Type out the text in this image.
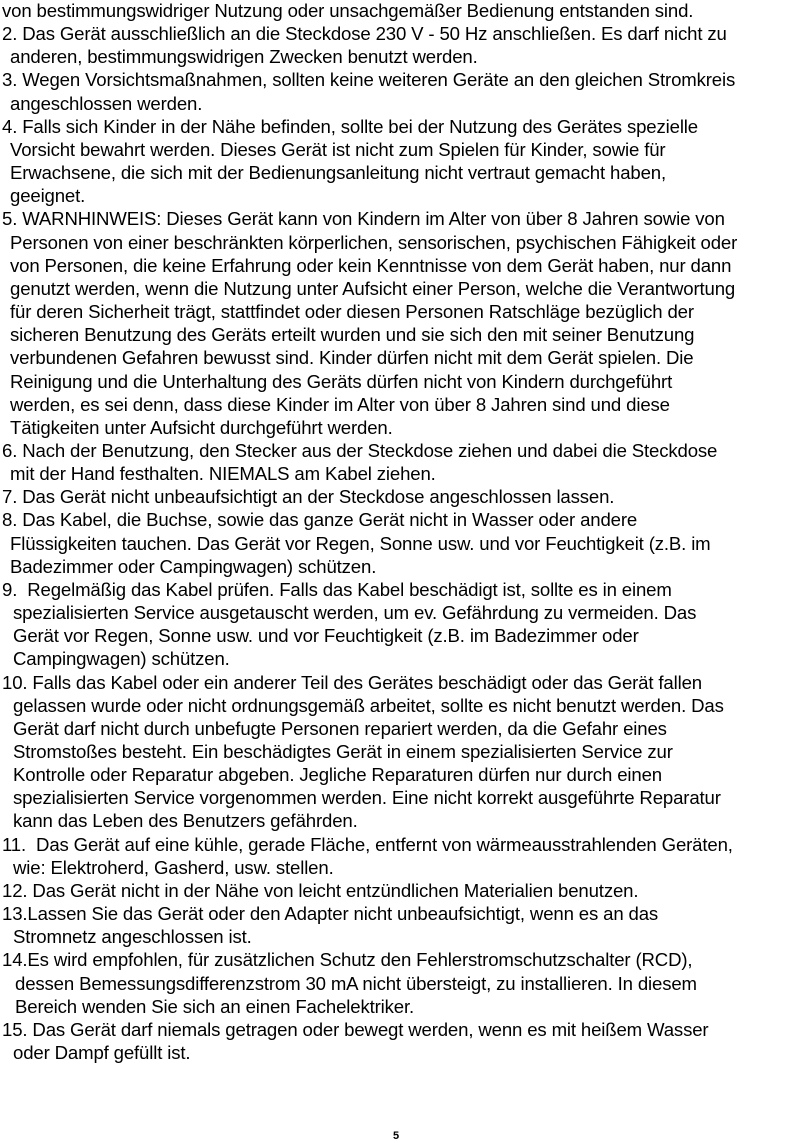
von bestimmungswidriger Nutzung oder unsachgemäßer Bedienung entstanden sind.
2. Das Gerät ausschließlich an die Steckdose 230 V - 50 Hz anschließen. Es darf nicht zu
anderen, bestimmungswidrigen Zwecken benutzt werden.
3. Wegen Vorsichtsmaßnahmen, sollten keine weiteren Geräte an den gleichen Stromkreis
angeschlossen werden.
4. Falls sich Kinder in der Nähe befinden, sollte bei der Nutzung des Gerätes spezielle
Vorsicht bewahrt werden. Dieses Gerät ist nicht zum Spielen für Kinder, sowie für
Erwachsene, die sich mit der Bedienungsanleitung nicht vertraut gemacht haben,
geeignet.
5. WARNHINWEIS: Dieses Gerät kann von Kindern im Alter von über 8 Jahren sowie von
Personen von einer beschränkten körperlichen, sensorischen, psychischen Fähigkeit oder
von Personen, die keine Erfahrung oder kein Kenntnisse von dem Gerät haben, nur dann
genutzt werden, wenn die Nutzung unter Aufsicht einer Person, welche die Verantwortung
für deren Sicherheit trägt, stattfindet oder diesen Personen Ratschläge bezüglich der
sicheren Benutzung des Geräts erteilt wurden und sie sich den mit seiner Benutzung
verbundenen Gefahren bewusst sind. Kinder dürfen nicht mit dem Gerät spielen. Die
Reinigung und die Unterhaltung des Geräts dürfen nicht von Kindern durchgeführt
werden, es sei denn, dass diese Kinder im Alter von über 8 Jahren sind und diese
Tätigkeiten unter Aufsicht durchgeführt werden.
6. Nach der Benutzung, den Stecker aus der Steckdose ziehen und dabei die Steckdose
mit der Hand festhalten. NIEMALS am Kabel ziehen.
7. Das Gerät nicht unbeaufsichtigt an der Steckdose angeschlossen lassen.
8. Das Kabel, die Buchse, sowie das ganze Gerät nicht in Wasser oder andere
Flüssigkeiten tauchen. Das Gerät vor Regen, Sonne usw. und vor Feuchtigkeit (z.B. im
Badezimmer oder Campingwagen) schützen.
9.  Regelmäßig das Kabel prüfen. Falls das Kabel beschädigt ist, sollte es in einem
spezialisierten Service ausgetauscht werden, um ev. Gefährdung zu vermeiden. Das
Gerät vor Regen, Sonne usw. und vor Feuchtigkeit (z.B. im Badezimmer oder
Campingwagen) schützen.
10. Falls das Kabel oder ein anderer Teil des Gerätes beschädigt oder das Gerät fallen
gelassen wurde oder nicht ordnungsgemäß arbeitet, sollte es nicht benutzt werden. Das
Gerät darf nicht durch unbefugte Personen repariert werden, da die Gefahr eines
Stromstoßes besteht. Ein beschädigtes Gerät in einem spezialisierten Service zur
Kontrolle oder Reparatur abgeben. Jegliche Reparaturen dürfen nur durch einen
spezialisierten Service vorgenommen werden. Eine nicht korrekt ausgeführte Reparatur
kann das Leben des Benutzers gefährden.
11.  Das Gerät auf eine kühle, gerade Fläche, entfernt von wärmeausstrahlenden Geräten,
wie: Elektroherd, Gasherd, usw. stellen.
12. Das Gerät nicht in der Nähe von leicht entzündlichen Materialien benutzen.
13.Lassen Sie das Gerät oder den Adapter nicht unbeaufsichtigt, wenn es an das
Stromnetz angeschlossen ist.
14.Es wird empfohlen, für zusätzlichen Schutz den Fehlerstromschutzschalter (RCD),
dessen Bemessungsdifferenzstrom 30 mA nicht übersteigt, zu installieren. In diesem
Bereich wenden Sie sich an einen Fachelektriker.
15. Das Gerät darf niemals getragen oder bewegt werden, wenn es mit heißem Wasser
oder Dampf gefüllt ist.
5
